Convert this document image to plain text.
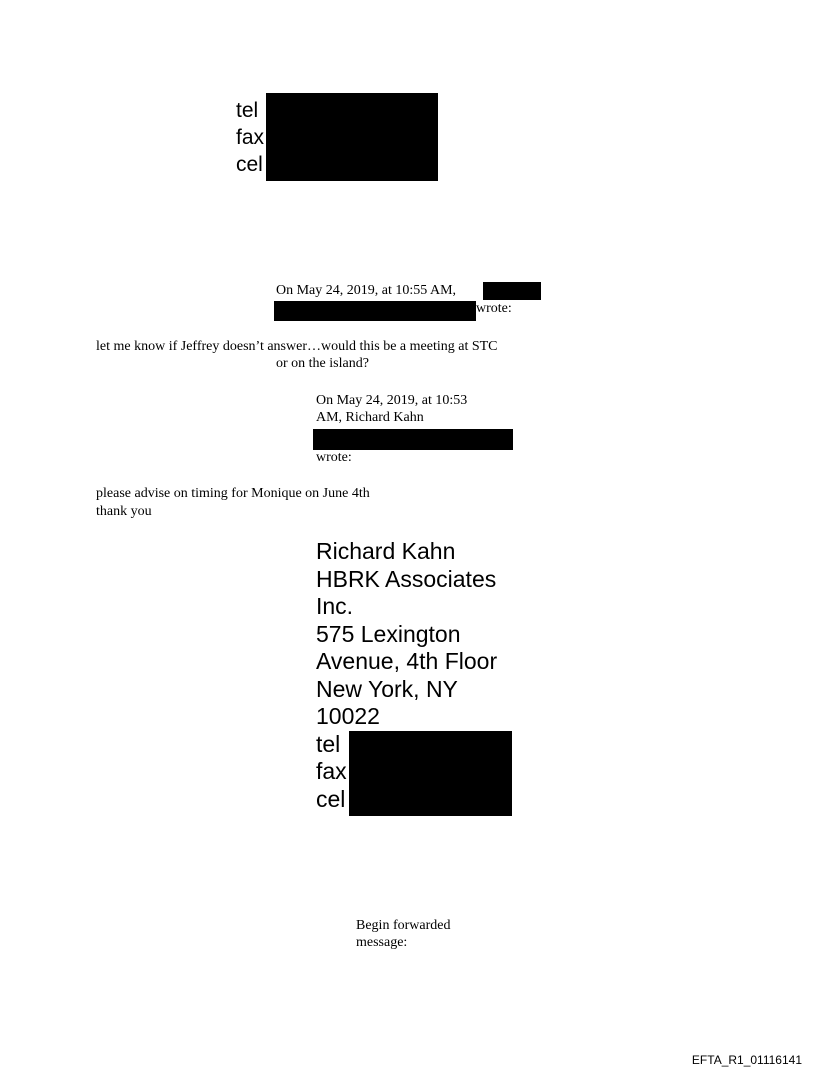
tel
fax
cel
On May 24, 2019, at 10:55 AM,
wrote:
let me know if Jeffrey doesn’t answer…would this be a meeting at STC
or on the island?
On May 24, 2019, at 10:53
AM, Richard Kahn
wrote:
please advise on timing for Monique on June 4th
thank you
Richard Kahn
HBRK Associates
Inc.
575 Lexington
Avenue, 4th Floor
New York, NY
10022
tel
fax
cel
Begin forwarded
message:
EFTA_R1_01116141
